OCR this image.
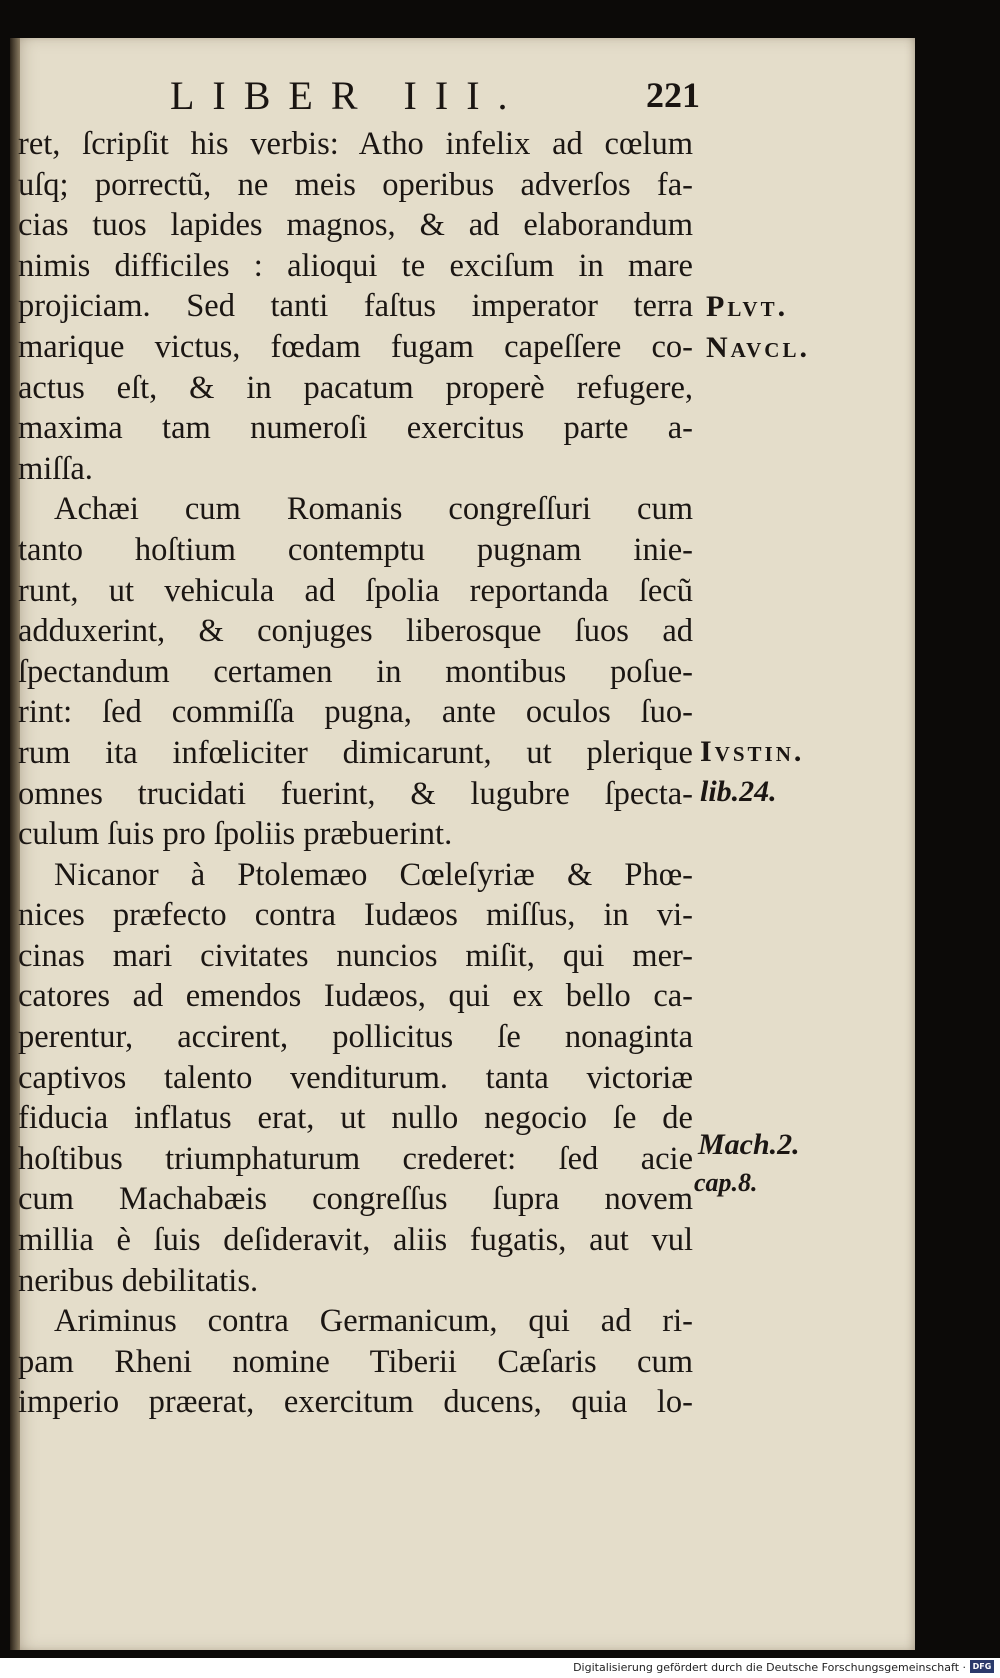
LIBER III.	221
ret, ſcripſit his verbis: Atho infelix ad cœlum
uſq; porrectũ, ne meis operibus adverſos fa-
cias tuos lapides magnos, & ad elaborandum
nimis difficiles : alioqui te exciſum in mare
projiciam. Sed tanti faſtus imperator terra
marique victus, fœdam fugam capeſſere co-
actus eſt, & in pacatum properè refugere,
maxima tam numeroſi exercitus parte a-
miſſa.
Achæi cum Romanis congreſſuri cum
tanto hoſtium contemptu pugnam inie-
runt, ut vehicula ad ſpolia reportanda ſecũ
adduxerint, & conjuges liberosque ſuos ad
ſpectandum certamen in montibus poſue-
rint: ſed commiſſa pugna, ante oculos ſuo-
rum ita infœliciter dimicarunt, ut plerique
omnes trucidati fuerint, & lugubre ſpecta-
culum ſuis pro ſpoliis præbuerint.
Nicanor à Ptolemæo Cœleſyriæ & Phœ-
nices præfecto contra Iudæos miſſus, in vi-
cinas mari civitates nuncios miſit, qui mer-
catores ad emendos Iudæos, qui ex bello ca-
perentur, accirent, pollicitus ſe nonaginta
captivos talento venditurum. tanta victoriæ
fiducia inflatus erat, ut nullo negocio ſe de
hoſtibus triumphaturum crederet: ſed acie
cum Machabæis congreſſus ſupra novem
millia è ſuis deſideravit, aliis fugatis, aut vul
neribus debilitatis.
Ariminus contra Germanicum, qui ad ri-
pam Rheni nomine Tiberii Cæſaris cum
imperio præerat, exercitum ducens, quia lo-
Plvt.
Navcl.
Ivstin.
lib.24.
Mach.2.
cap.8.
Digitalisierung gefördert durch die Deutsche Forschungsgemeinschaft · DFG
